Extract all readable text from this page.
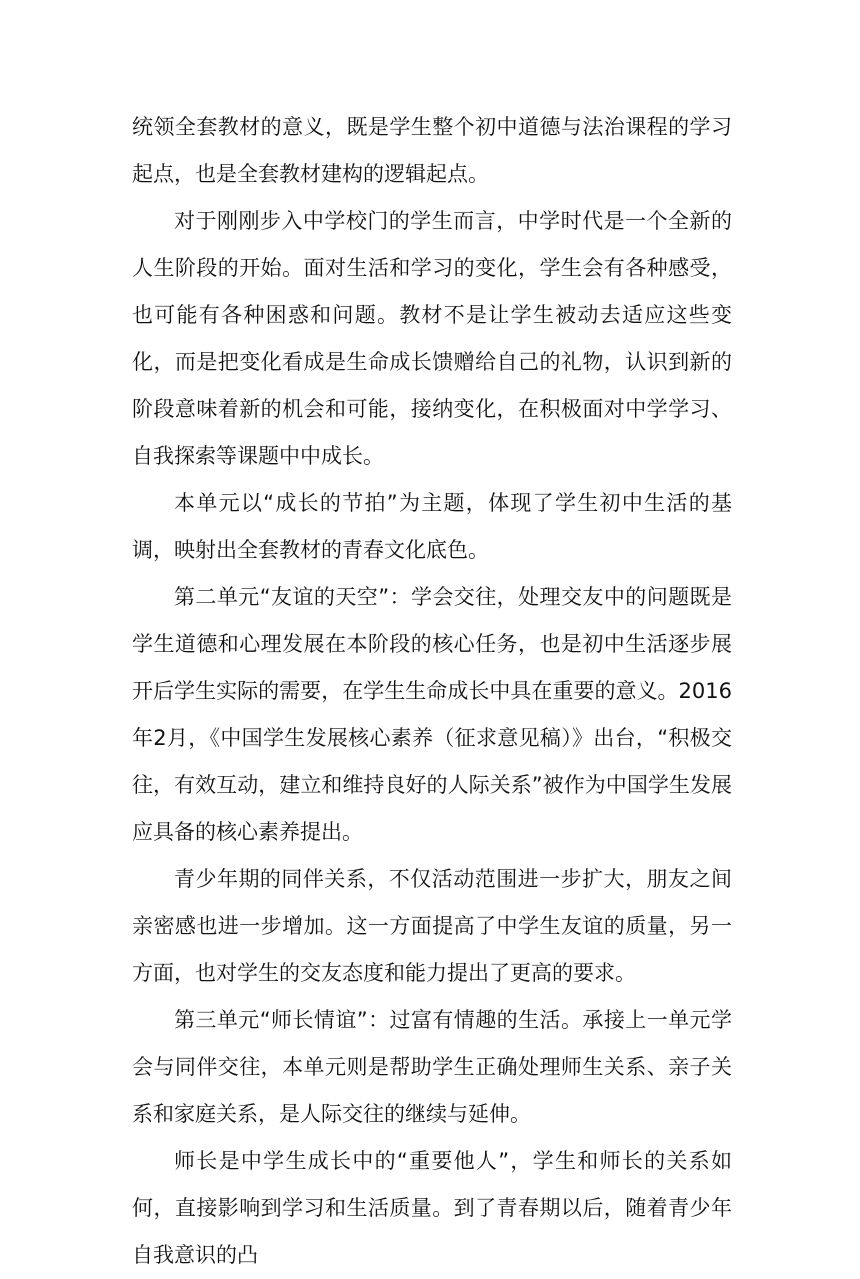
统领全套教材的意义，既是学生整个初中道德与法治课程的学习起点，也是全套教材建构的逻辑起点。

对于刚刚步入中学校门的学生而言，中学时代是一个全新的人生阶段的开始。面对生活和学习的变化，学生会有各种感受，也可能有各种困惑和问题。教材不是让学生被动去适应这些变化，而是把变化看成是生命成长馈赠给自己的礼物，认识到新的阶段意味着新的机会和可能，接纳变化，在积极面对中学学习、自我探索等课题中中成长。

本单元以“成长的节拍”为主题，体现了学生初中生活的基调，映射出全套教材的青春文化底色。

第二单元“友谊的天空”：学会交往，处理交友中的问题既是学生道德和心理发展在本阶段的核心任务，也是初中生活逐步展开后学生实际的需要，在学生生命成长中具在重要的意义。2016年2月，《中国学生发展核心素养（征求意见稿）》出台，“积极交往，有效互动，建立和维持良好的人际关系”被作为中国学生发展应具备的核心素养提出。

青少年期的同伴关系，不仅活动范围进一步扩大，朋友之间亲密感也进一步增加。这一方面提高了中学生友谊的质量，另一方面，也对学生的交友态度和能力提出了更高的要求。

第三单元“师长情谊”：过富有情趣的生活。承接上一单元学会与同伴交往，本单元则是帮助学生正确处理师生关系、亲子关系和家庭关系，是人际交往的继续与延伸。

师长是中学生成长中的“重要他人”，学生和师长的关系如何，直接影响到学习和生活质量。到了青春期以后，随着青少年自我意识的凸
